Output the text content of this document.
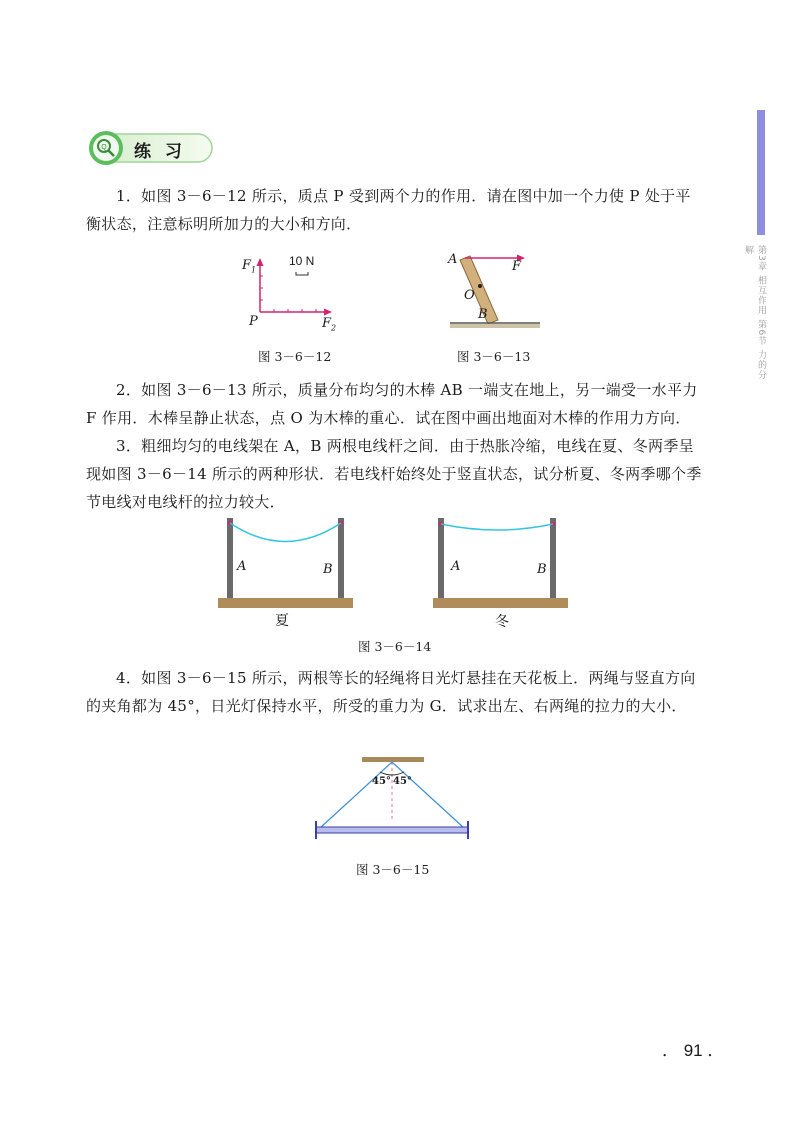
第3章 相互作用 第6节 力的分解
Q 练 习
1．如图 3－6－12 所示，质点 P 受到两个力的作用．请在图中加一个力使 P 处于平衡状态，注意标明所加力的大小和方向．
$F_1$
10 N
P	$F_2$
图 3－6－12
A	F
O
B
图 3－6－13
2．如图 3－6－13 所示，质量分布均匀的木棒 AB 一端支在地上，另一端受一水平力 F 作用．木棒呈静止状态，点 O 为木棒的重心．试在图中画出地面对木棒的作用力方向．
3．粗细均匀的电线架在 A，B 两根电线杆之间．由于热胀冷缩，电线在夏、冬两季呈现如图 3－6－14 所示的两种形状．若电线杆始终处于竖直状态，试分析夏、冬两季哪个季节电线对电线杆的拉力较大．
A	B
夏
A	B
冬
图 3－6－14
4．如图 3－6－15 所示，两根等长的轻绳将日光灯悬挂在天花板上．两绳与竖直方向的夹角都为 45°，日光灯保持水平，所受的重力为 G．试求出左、右两绳的拉力的大小．
45° 45°
图 3－6－15
． 91 ．
